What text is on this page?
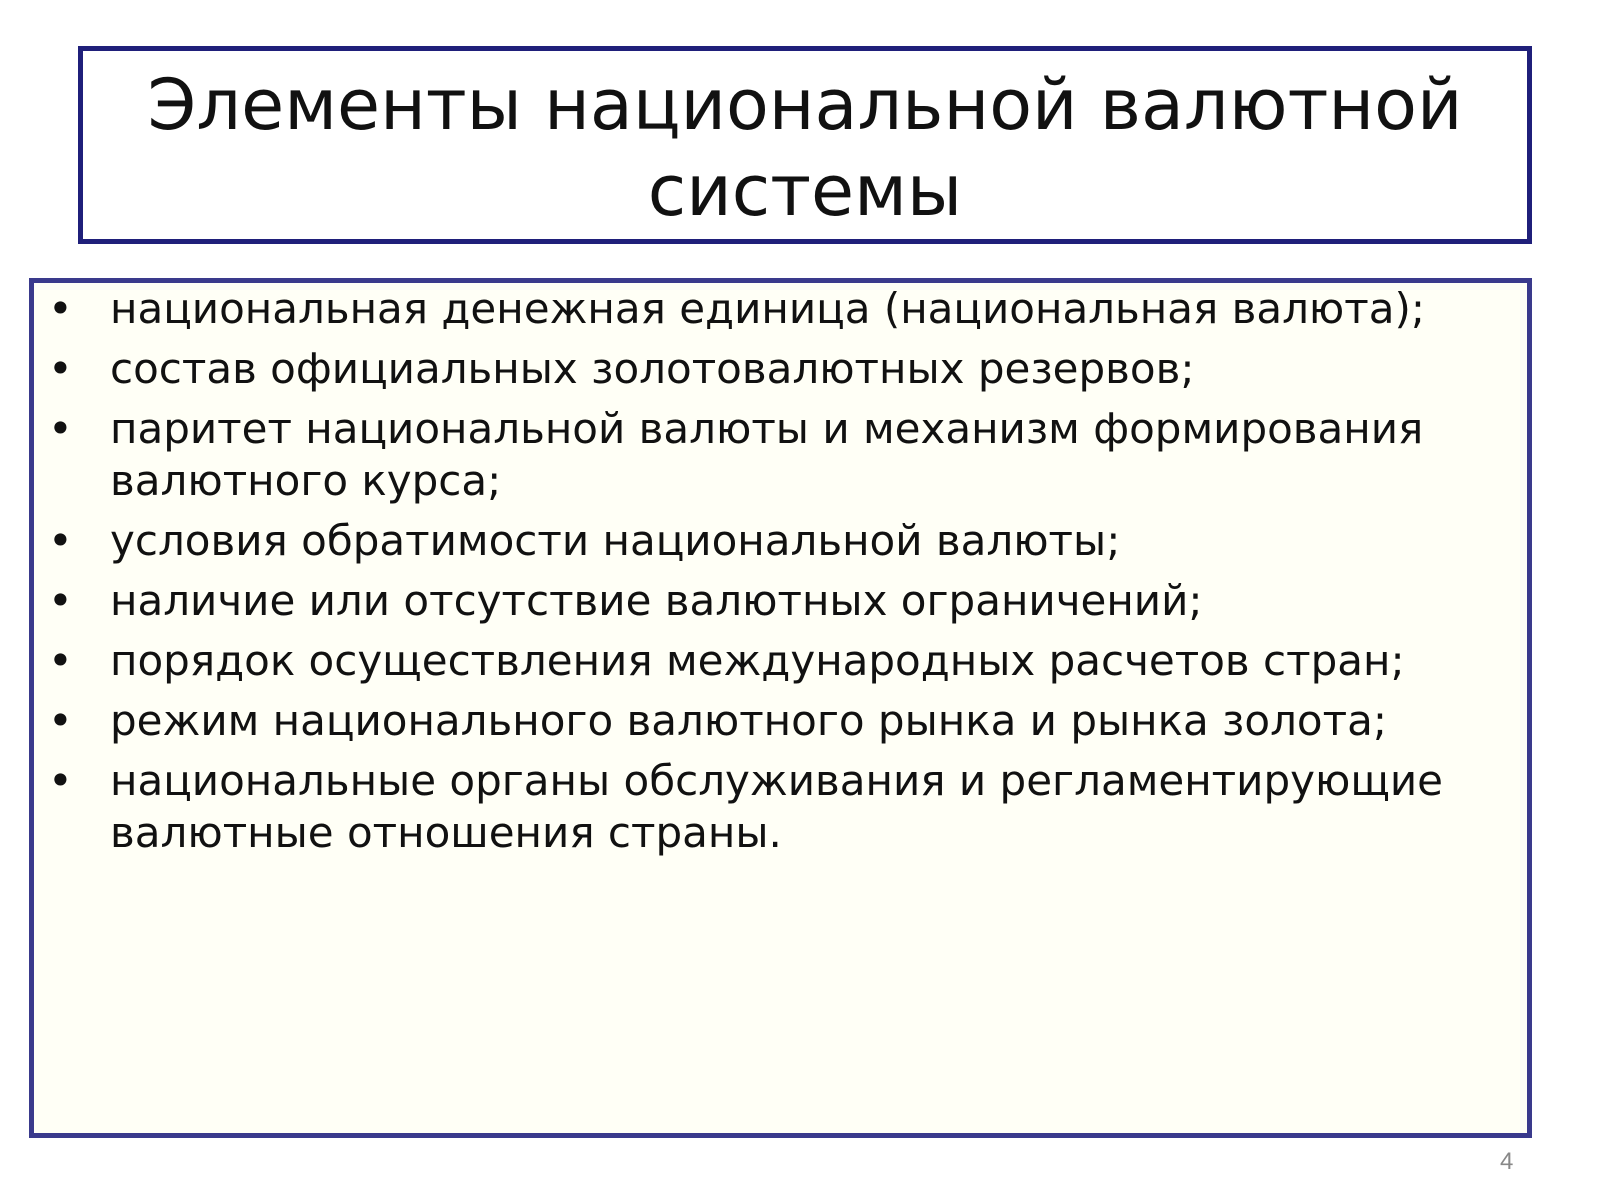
Элементы национальной валютной системы
• национальная денежная единица (национальная валюта);
• состав официальных золотовалютных резервов;
• паритет национальной валюты и механизм формирования валютного курса;
• условия обратимости национальной валюты;
• наличие или отсутствие валютных ограничений;
• порядок осуществления международных расчетов стран;
• режим национального валютного рынка и рынка золота;
• национальные органы обслуживания и регламентирующие валютные отношения страны.
4
